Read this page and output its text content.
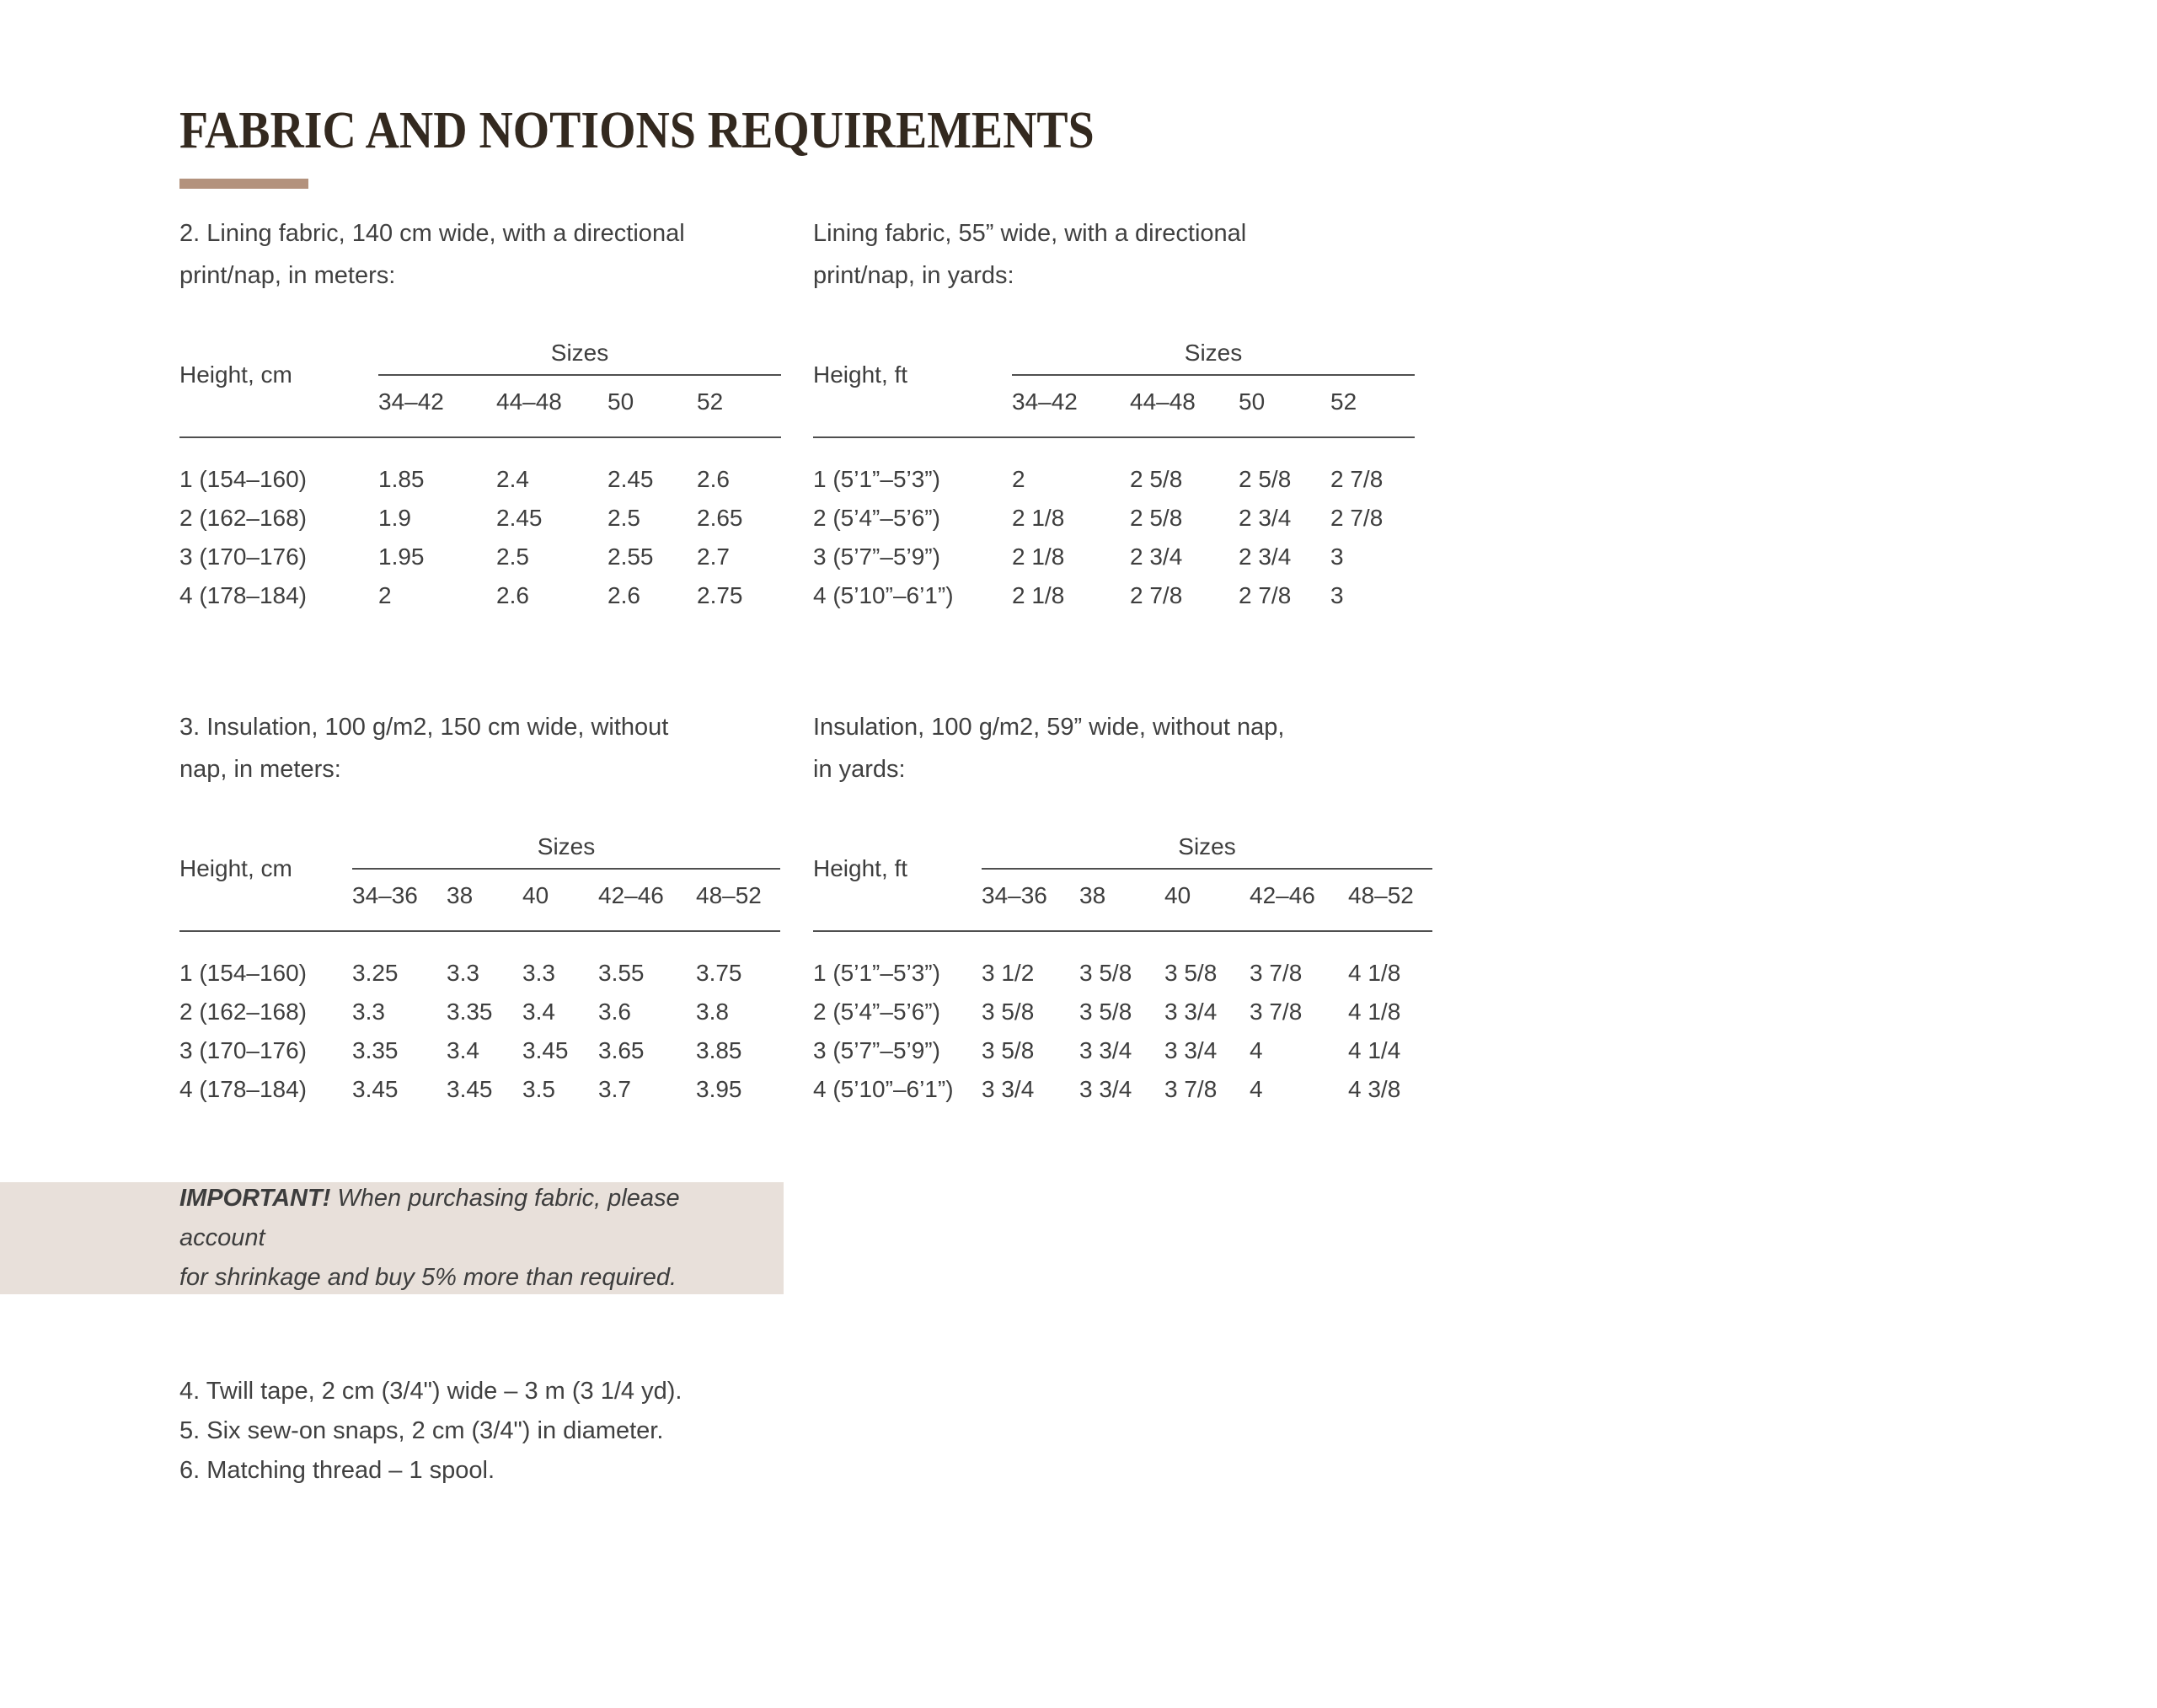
FABRIC AND NOTIONS REQUIREMENTS
2. Lining fabric, 140 cm wide, with a directional
print/nap, in meters:
Height, cm
Sizes
34–42	44–48	50	52
1 (154–160)	1.85	2.4	2.45	2.6
2 (162–168)	1.9	2.45	2.5	2.65
3 (170–176)	1.95	2.5	2.55	2.7
4 (178–184)	2	2.6	2.6	2.75
Lining fabric, 55” wide, with a directional
print/nap, in yards:
Height, ft
Sizes
34–42	44–48	50	52
1 (5’1”–5’3”)	2	2 5/8	2 5/8	2 7/8
2 (5’4”–5’6”)	2 1/8	2 5/8	2 3/4	2 7/8
3 (5’7”–5’9”)	2 1/8	2 3/4	2 3/4	3
4 (5’10”–6’1”)	2 1/8	2 7/8	2 7/8	3
3. Insulation, 100 g/m2, 150 cm wide, without
nap, in meters:
Height, cm
Sizes
34–36	38	40	42–46	48–52
1 (154–160)	3.25	3.3	3.3	3.55	3.75
2 (162–168)	3.3	3.35	3.4	3.6	3.8
3 (170–176)	3.35	3.4	3.45	3.65	3.85
4 (178–184)	3.45	3.45	3.5	3.7	3.95
Insulation, 100 g/m2, 59” wide, without nap,
in yards:
Height, ft
Sizes
34–36	38	40	42–46	48–52
1 (5’1”–5’3”)	3 1/2	3 5/8	3 5/8	3 7/8	4 1/8
2 (5’4”–5’6”)	3 5/8	3 5/8	3 3/4	3 7/8	4 1/8
3 (5’7”–5’9”)	3 5/8	3 3/4	3 3/4	4	4 1/4
4 (5’10”–6’1”)	3 3/4	3 3/4	3 7/8	4	4 3/8

IMPORTANT! When purchasing fabric, please account

for shrinkage and buy 5% more than required.

4. Twill tape, 2 cm (3/4") wide – 3 m (3 1/4 yd).

5. Six sew-on snaps, 2 cm (3/4") in diameter.

6. Matching thread – 1 spool.
